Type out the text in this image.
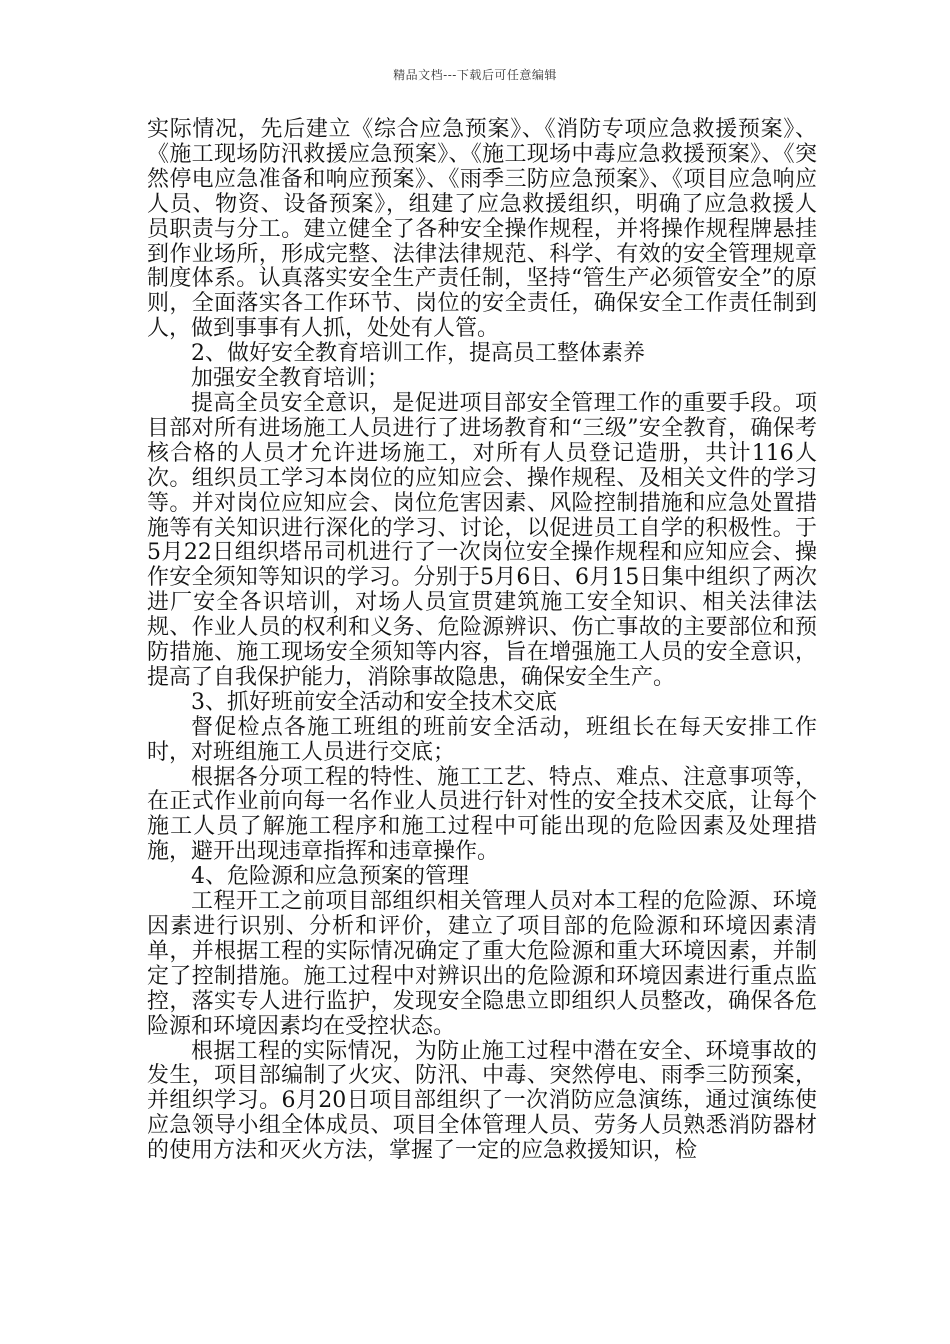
精品文档---下载后可任意编辑

实际情况，先后建立《综合应急预案》、《消防专项应急救援预案》、《施工现场防汛救援应急预案》、《施工现场中毒应急救援预案》、《突然停电应急准备和响应预案》、《雨季三防应急预案》、《项目应急响应人员、物资、设备预案》，组建了应急救援组织，明确了应急救援人员职责与分工。建立健全了各种安全操作规程，并将操作规程牌悬挂到作业场所，形成完整、法律法律规范、科学、有效的安全管理规章制度体系。认真落实安全生产责任制，坚持“管生产必须管安全”的原则，全面落实各工作环节、岗位的安全责任，确保安全工作责任制到人，做到事事有人抓，处处有人管。

2、做好安全教育培训工作，提高员工整体素养

加强安全教育培训；

提高全员安全意识，是促进项目部安全管理工作的重要手段。项目部对所有进场施工人员进行了进场教育和“三级”安全教育，确保考核合格的人员才允许进场施工，对所有人员登记造册，共计116人次。组织员工学习本岗位的应知应会、操作规程、及相关文件的学习等。并对岗位应知应会、岗位危害因素、风险控制措施和应急处置措施等有关知识进行深化的学习、讨论，以促进员工自学的积极性。于5月22日组织塔吊司机进行了一次岗位安全操作规程和应知应会、操作安全须知等知识的学习。分别于5月6日、6月15日集中组织了两次进厂安全各识培训，对场人员宣贯建筑施工安全知识、相关法律法规、作业人员的权利和义务、危险源辨识、伤亡事故的主要部位和预防措施、施工现场安全须知等内容，旨在增强施工人员的安全意识，提高了自我保护能力，消除事故隐患，确保安全生产。

3、抓好班前安全活动和安全技术交底

督促检点各施工班组的班前安全活动，班组长在每天安排工作时，对班组施工人员进行交底；

根据各分项工程的特性、施工工艺、特点、难点、注意事项等，在正式作业前向每一名作业人员进行针对性的安全技术交底，让每个施工人员了解施工程序和施工过程中可能出现的危险因素及处理措施，避开出现违章指挥和违章操作。

4、危险源和应急预案的管理

工程开工之前项目部组织相关管理人员对本工程的危险源、环境因素进行识别、分析和评价，建立了项目部的危险源和环境因素清单，并根据工程的实际情况确定了重大危险源和重大环境因素，并制定了控制措施。施工过程中对辨识出的危险源和环境因素进行重点监控，落实专人进行监护，发现安全隐患立即组织人员整改，确保各危险源和环境因素均在受控状态。

根据工程的实际情况，为防止施工过程中潜在安全、环境事故的发生，项目部编制了火灾、防汛、中毒、突然停电、雨季三防预案，并组织学习。6月20日项目部组织了一次消防应急演练，通过演练使应急领导小组全体成员、项目全体管理人员、劳务人员熟悉消防器材的使用方法和灭火方法，掌握了一定的应急救援知识，检
